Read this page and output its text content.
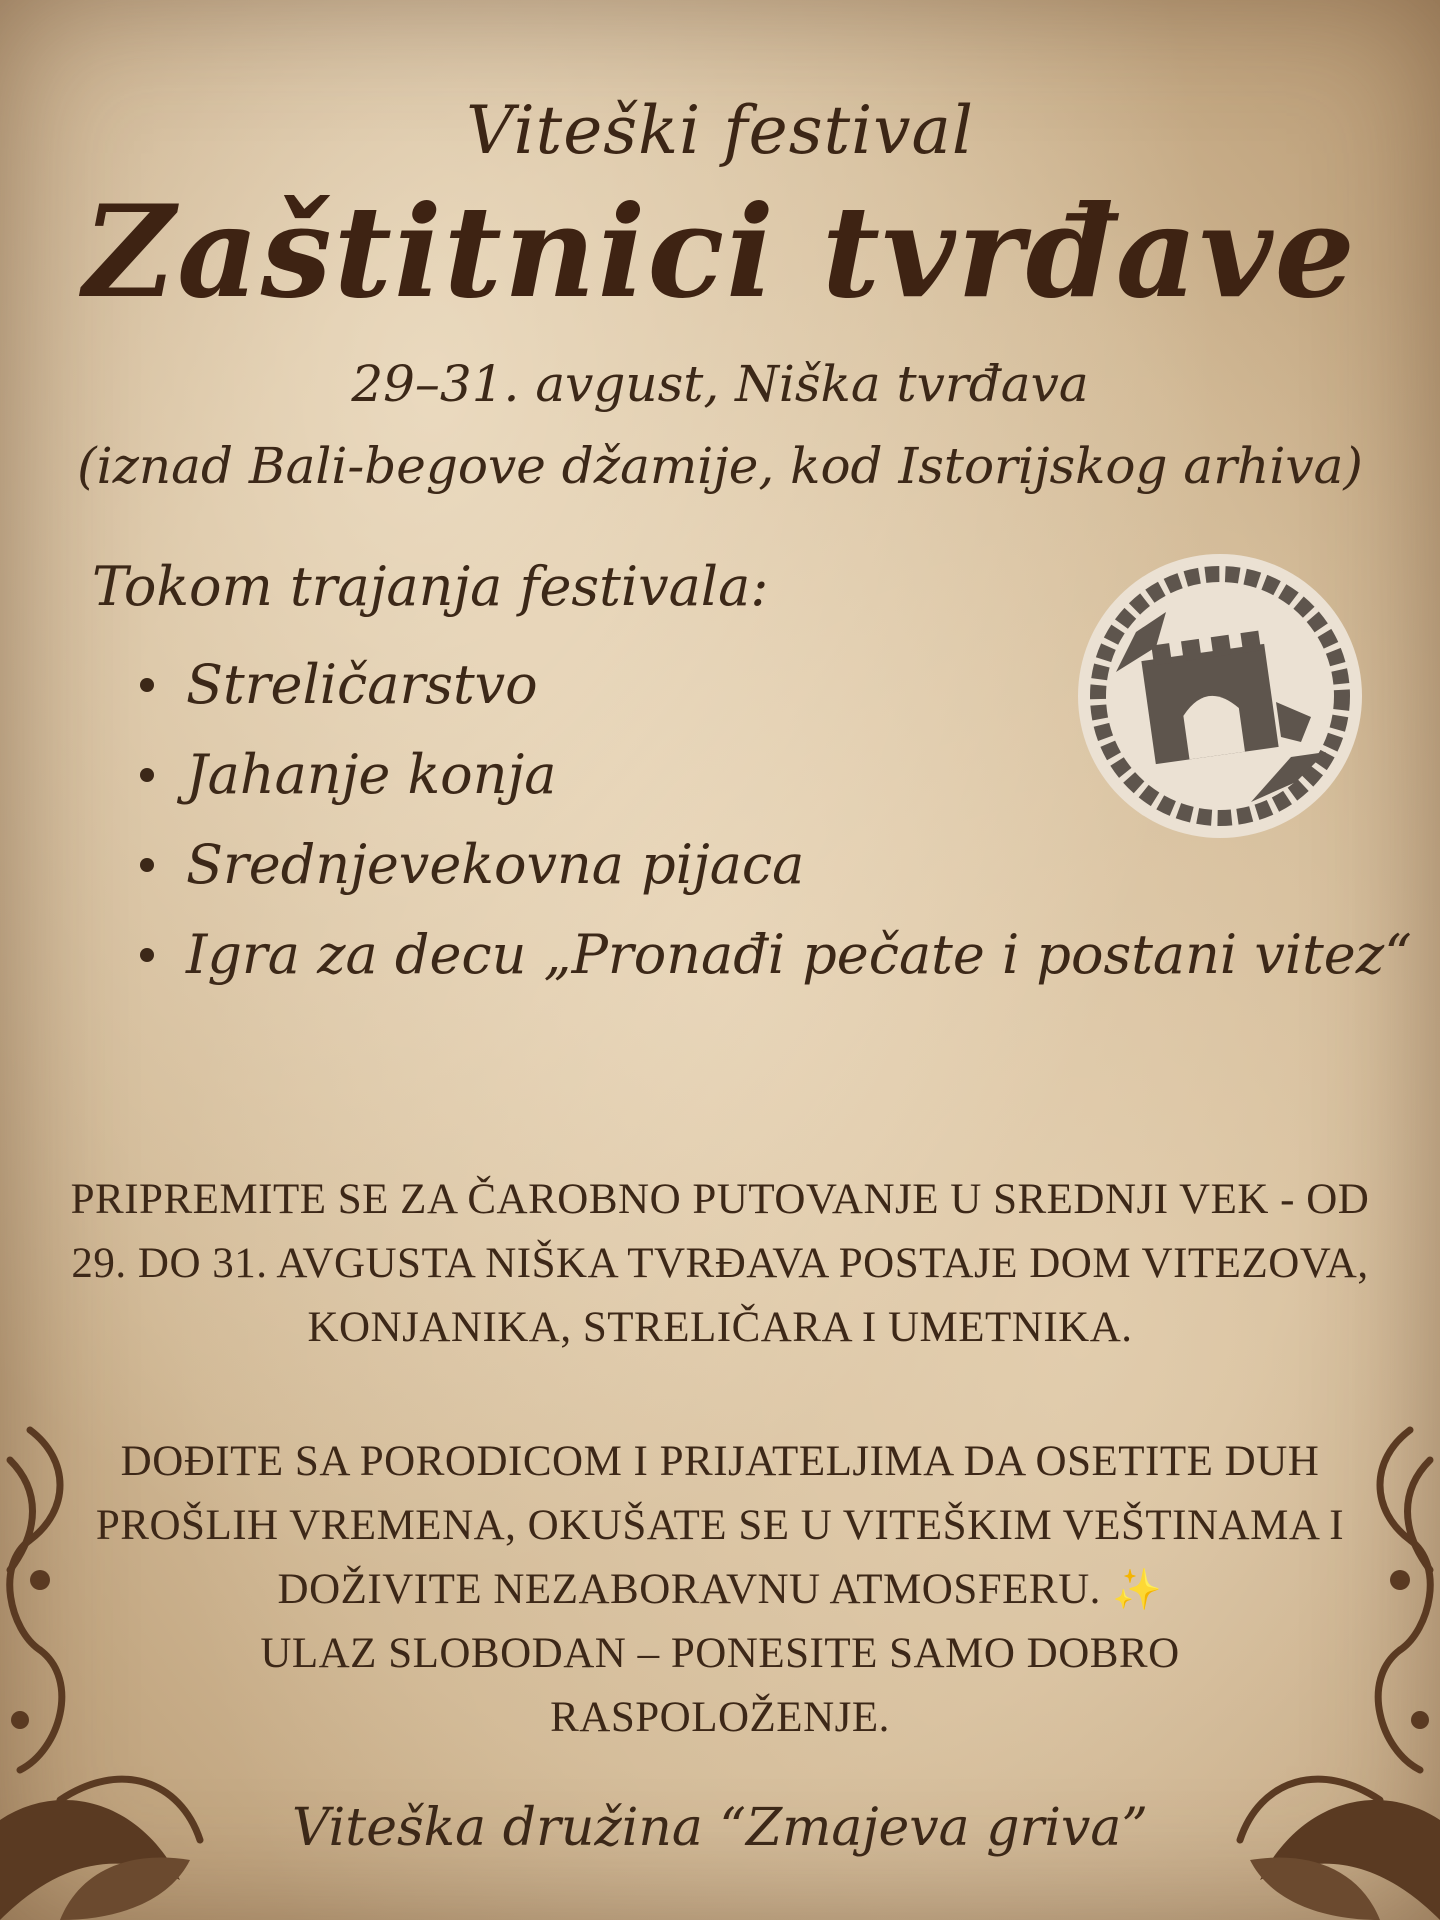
Viteški festival
Zaštitnici tvrđave
29–31. avgust, Niška tvrđava
(iznad Bali-begove džamije, kod Istorijskog arhiva)
Tokom trajanja festivala:
Streličarstvo
Jahanje konja
Srednjevekovna pijaca
Igra za decu „Pronađi pečate i postani vitez“
PRIPREMITE SE ZA ČAROBNO PUTOVANJE U SREDNJI VEK - OD 29. DO 31. AVGUSTA NIŠKA TVRĐAVA POSTAJE DOM VITEZOVA, KONJANIKA, STRELIČARA I UMETNIKA.
DOĐITE SA PORODICOM I PRIJATELJIMA DA OSETITE DUH PROŠLIH VREMENA, OKUŠATE SE U VITEŠKIM VEŠTINAMA I DOŽIVITE NEZABORAVNU ATMOSFERU. ✨
ULAZ SLOBODAN – PONESITE SAMO DOBRO RASPOLOŽENJE.
Viteška družina “Zmajeva griva”
